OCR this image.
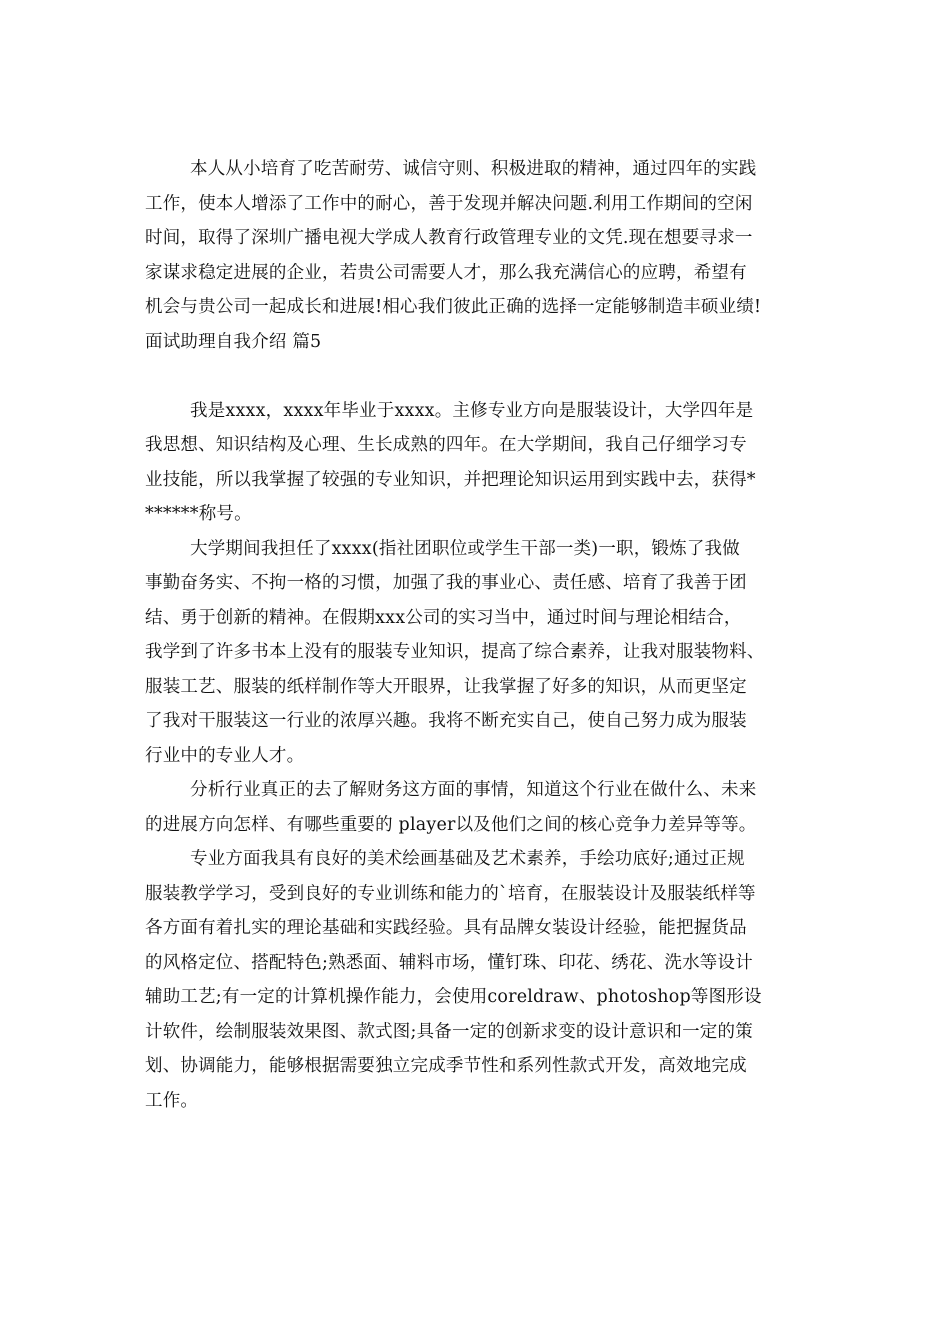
本人从小培育了吃苦耐劳、诚信守则、积极进取的精神，通过四年的实践
工作，使本人增添了工作中的耐心，善于发现并解决问题.利用工作期间的空闲
时间，取得了深圳广播电视大学成人教育行政管理专业的文凭.现在想要寻求一
家谋求稳定进展的企业，若贵公司需要人才，那么我充满信心的应聘，希望有
机会与贵公司一起成长和进展!相心我们彼此正确的选择一定能够制造丰硕业绩!
面试助理自我介绍 篇5
我是xxxx，xxxx年毕业于xxxx。主修专业方向是服装设计，大学四年是
我思想、知识结构及心理、生长成熟的四年。在大学期间，我自己仔细学习专
业技能，所以我掌握了较强的专业知识，并把理论知识运用到实践中去，获得*
******称号。
大学期间我担任了xxxx(指社团职位或学生干部一类)一职，锻炼了我做
事勤奋务实、不拘一格的习惯，加强了我的事业心、责任感、培育了我善于团
结、勇于创新的精神。在假期xxx公司的实习当中，通过时间与理论相结合，
我学到了许多书本上没有的服装专业知识，提高了综合素养，让我对服装物料、
服装工艺、服装的纸样制作等大开眼界，让我掌握了好多的知识，从而更坚定
了我对干服装这一行业的浓厚兴趣。我将不断充实自己，使自己努力成为服装
行业中的专业人才。
分析行业真正的去了解财务这方面的事情，知道这个行业在做什么、未来
的进展方向怎样、有哪些重要的 player以及他们之间的核心竞争力差异等等。
专业方面我具有良好的美术绘画基础及艺术素养，手绘功底好;通过正规
服装教学学习，受到良好的专业训练和能力的`培育，在服装设计及服装纸样等
各方面有着扎实的理论基础和实践经验。具有品牌女装设计经验，能把握货品
的风格定位、搭配特色;熟悉面、辅料市场，懂钉珠、印花、绣花、洗水等设计
辅助工艺;有一定的计算机操作能力，会使用coreldraw、photoshop等图形设
计软件，绘制服装效果图、款式图;具备一定的创新求变的设计意识和一定的策
划、协调能力，能够根据需要独立完成季节性和系列性款式开发，高效地完成
工作。
